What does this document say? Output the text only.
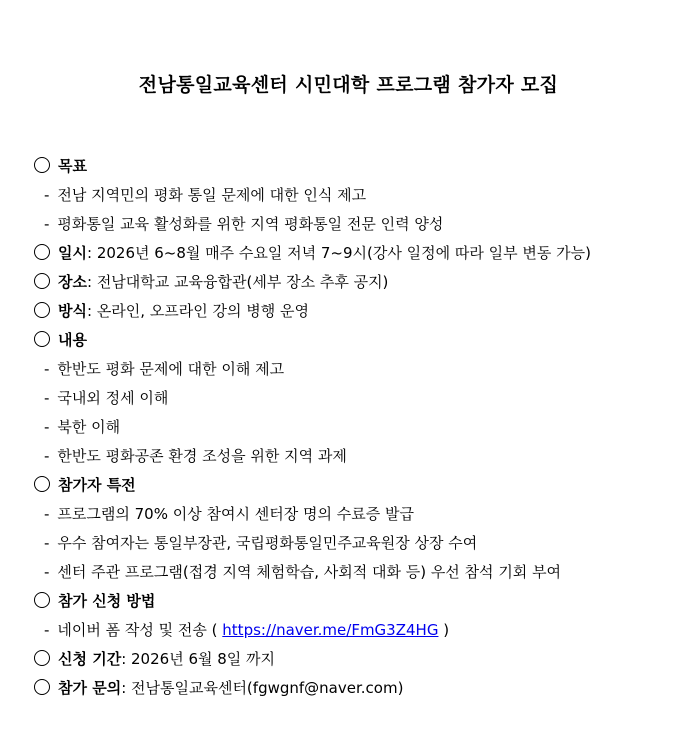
전남통일교육센터 시민대학 프로그램 참가자 모집
목표
- 전남 지역민의 평화 통일 문제에 대한 인식 제고
- 평화통일 교육 활성화를 위한 지역 평화통일 전문 인력 양성
일시: 2026년 6~8월 매주 수요일 저녁 7~9시(강사 일정에 따라 일부 변동 가능)
장소: 전남대학교 교육융합관(세부 장소 추후 공지)
방식: 온라인, 오프라인 강의 병행 운영
내용
- 한반도 평화 문제에 대한 이해 제고
- 국내외 정세 이해
- 북한 이해
- 한반도 평화공존 환경 조성을 위한 지역 과제
참가자 특전
- 프로그램의 70% 이상 참여시 센터장 명의 수료증 발급
- 우수 참여자는 통일부장관, 국립평화통일민주교육원장 상장 수여
- 센터 주관 프로그램(접경 지역 체험학습, 사회적 대화 등) 우선 참석 기회 부여
참가 신청 방법
- 네이버 폼 작성 및 전송 ( https://naver.me/FmG3Z4HG )
신청 기간: 2026년 6월 8일 까지
참가 문의: 전남통일교육센터(fgwgnf@naver.com)
